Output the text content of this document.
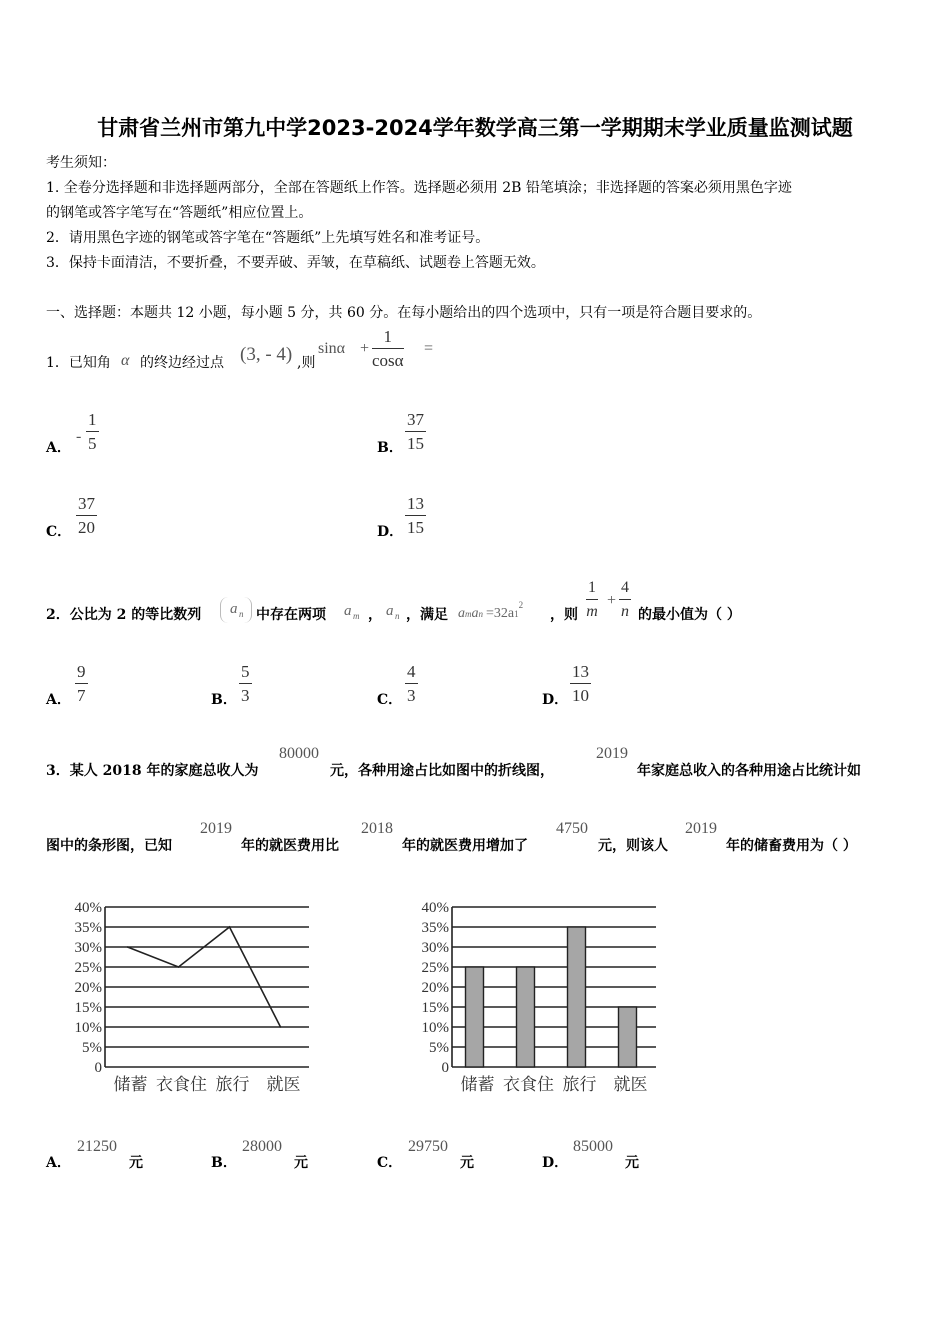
甘肃省兰州市第九中学2023-2024学年数学高三第一学期期末学业质量监测试题
考生须知：
1. 全卷分选择题和非选择题两部分，全部在答题纸上作答。选择题必须用 2B 铅笔填涂；非选择题的答案必须用黑色字迹
的钢笔或答字笔写在“答题纸”相应位置上。
2．请用黑色字迹的钢笔或答字笔在“答题纸”上先填写姓名和准考证号。
3．保持卡面清洁，不要折叠，不要弄破、弄皱，在草稿纸、试题卷上答题无效。
一、选择题：本题共 12 小题，每小题 5 分，共 60 分。在每小题给出的四个选项中，只有一项是符合题目要求的。
1．已知角 α 的终边经过点 (3, - 4) ,则
$\sin\alpha + \frac{1}{\cos\alpha}$ =
A．
- $\frac{1}{5}$	B． $\frac{37}{15}$
C． $\frac{37}{20}$	D． $\frac{13}{15}$
2．公比为 2 的等比数列 a n 中存在两项 a m ， a n ，满足 aman $=32a1^2$
，则 $\frac{1}{m} + \frac{4}{n}$ 的最小值为（ ）
A． $\frac{9}{7}$	B． $\frac{5}{3}$	C． $\frac{4}{3}$	D． $\frac{13}{10}$
3．某人 2018 年的家庭总收人为
80000
元，各种用途占比如图中的折线图，
2019
年家庭总收入的各种用途占比统计如
图中的条形图，已知
2019
年的就医费用比
2018
年的就医费用增加了
4750
元，则该人
2019
年的储畜费用为（ ）
0
5%
10%
15%
20%
25%
30%
35%
40%
储蓄 衣食住 旅行 就医
0
5%
10%
15%
20%
25%
30%
35%
40%
储蓄 衣食住 旅行 就医
A．
21250
元	B．
28000
元	C．
29750
元	D．
85000
元
